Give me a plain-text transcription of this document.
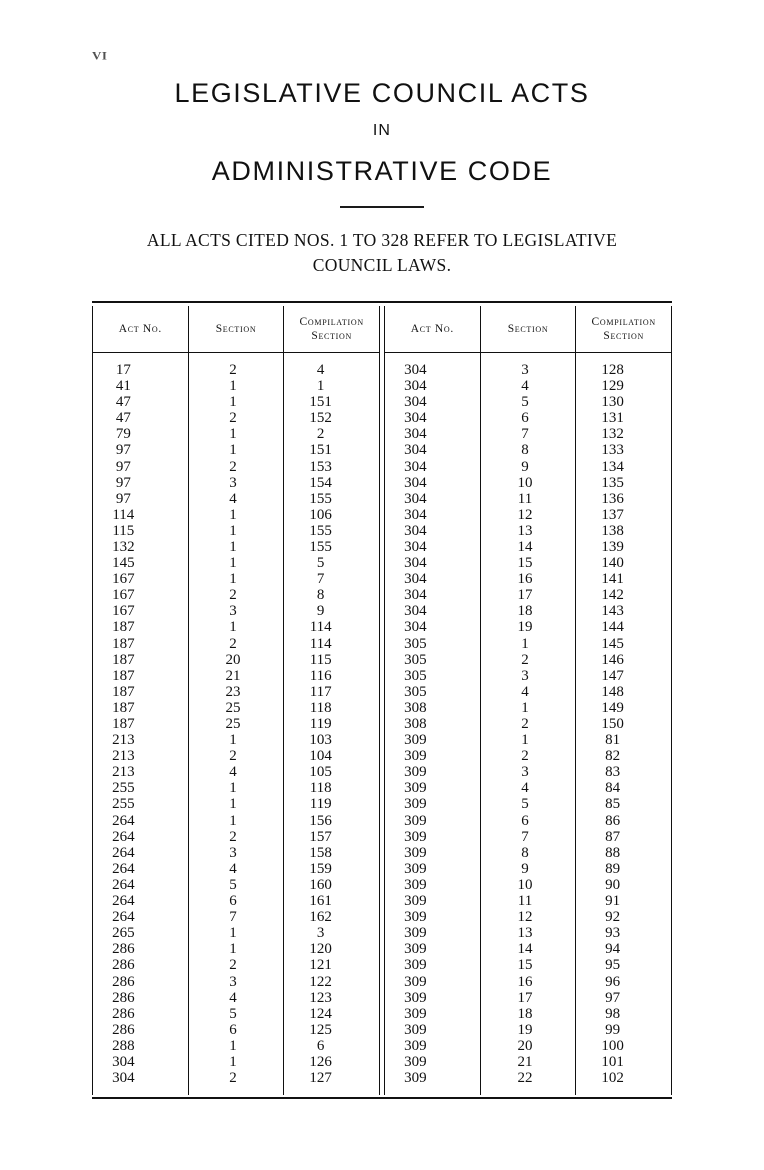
VI
LEGISLATIVE COUNCIL ACTS
IN
ADMINISTRATIVE CODE
ALL ACTS CITED NOS. 1 TO 328 REFER TO LEGISLATIVE
COUNCIL LAWS.
Act No.	Section
Compilation Section
17
41
47
47
79
97
97
97
97
114
115
132
145
167
167
167
187
187
187
187
187
187
187
213
213
213
255
255
264
264
264
264
264
264
264
265
286
286
286
286
286
286
288
304
304
2
1
1
2
1
1
2
3
4
1
1
1
1
1
2
3
1
2
20
21
23
25
25
1
2
4
1
1
1
2
3
4
5
6
7
1
1
2
3
4
5
6
1
1
2
4
1
151
152
2
151
153
154
155
106
155
155
5
7
8
9
114
114
115
116
117
118
119
103
104
105
118
119
156
157
158
159
160
161
162
3
120
121
122
123
124
125
6
126
127
Act No.	Section
Compilation Section
304
304
304
304
304
304
304
304
304
304
304
304
304
304
304
304
304
305
305
305
305
308
308
309
309
309
309
309
309
309
309
309
309
309
309
309
309
309
309
309
309
309
309
309
309
3
4
5
6
7
8
9
10
11
12
13
14
15
16
17
18
19
1
2
3
4
1
2
1
2
3
4
5
6
7
8
9
10
11
12
13
14
15
16
17
18
19
20
21
22
128
129
130
131
132
133
134
135
136
137
138
139
140
141
142
143
144
145
146
147
148
149
150
81
82
83
84
85
86
87
88
89
90
91
92
93
94
95
96
97
98
99
100
101
102
